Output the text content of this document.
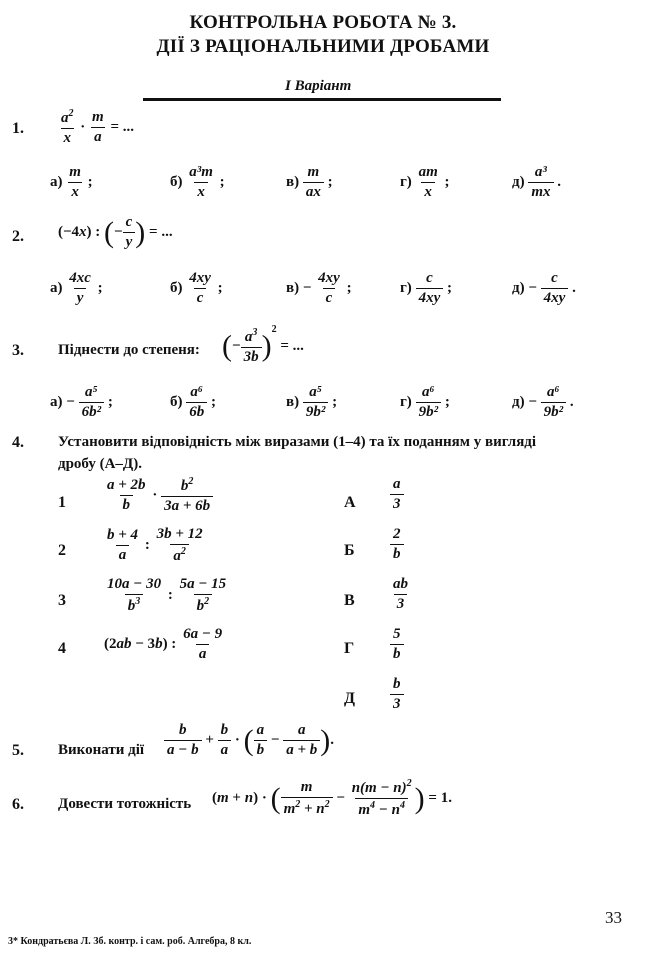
КОНТРОЛЬНА РОБОТА № 3.
ДІЇ З РАЦІОНАЛЬНИМИ ДРОБАМИ
І Варіант
1. $\frac{a^2}{x} \cdot \frac{m}{a}$ = ...
$а) \frac{m}{x}$ ;	$б) \frac{\text{a³m}}{x}$ ;	$в) \frac{m}{ax}$ ;	$г) \frac{am}{x}$ ;	$д) \frac{\text{a³}}{mx}$ .
2. (−4x) : (− $\frac{c}{y}$ ) = ...
$а) \frac{4xc}{y}$ ;	$б) \frac{4xy}{c}$ ;	$в) - \frac{4xy}{c}$ ;	$г) \frac{c}{4xy}$ ;	$д) - \frac{c}{4xy}$ .
3. Піднести до степеня: (− $\frac{a^3}{3b} )^2$ = ...
$а) - \frac{\text{a⁵}}{\text{6b²}}$ ;	$б) \frac{\text{a⁶}}{6b}$ ;	$в) \frac{\text{a⁵}}{\text{9b²}}$ ;	$г) \frac{\text{a⁶}}{\text{9b²}}$ ;	$д) - \frac{\text{a⁶}}{\text{9b²}}$ .
4. Установити відповідність між виразами (1–4) та їх поданням у вигляді
дробу (А–Д).
1	$\frac{a + 2b}{b} \cdot \frac{b^2}{3a + 6b}$
2	$\frac{b + 4}{a}$ : $\frac{3b + 12}{a^2}$
3	$\frac{10a - 30}{b^3}$ : $\frac{5a - 15}{b^2}$
4	(2ab − 3b) : $\frac{6a - 9}{a}$
А $\frac{a}{3}$
Б $\frac{2}{b}$
В $\frac{ab}{3}$
Г $\frac{5}{b}$
Д $\frac{b}{3}$
5. Виконати дії $\frac{b}{a - b} + \frac{b}{a}$ · ( $\frac{a}{b} - \frac{a}{a + b}$ ).
6. Довести тотожність (m + n) · ( $\frac{m}{m^2 + n^2} - \frac{n(m - n)^2}{m^4 - n^4}$ ) = 1.
33
3* Кондратьєва Л. Зб. контр. і сам. роб. Алгебра, 8 кл.
